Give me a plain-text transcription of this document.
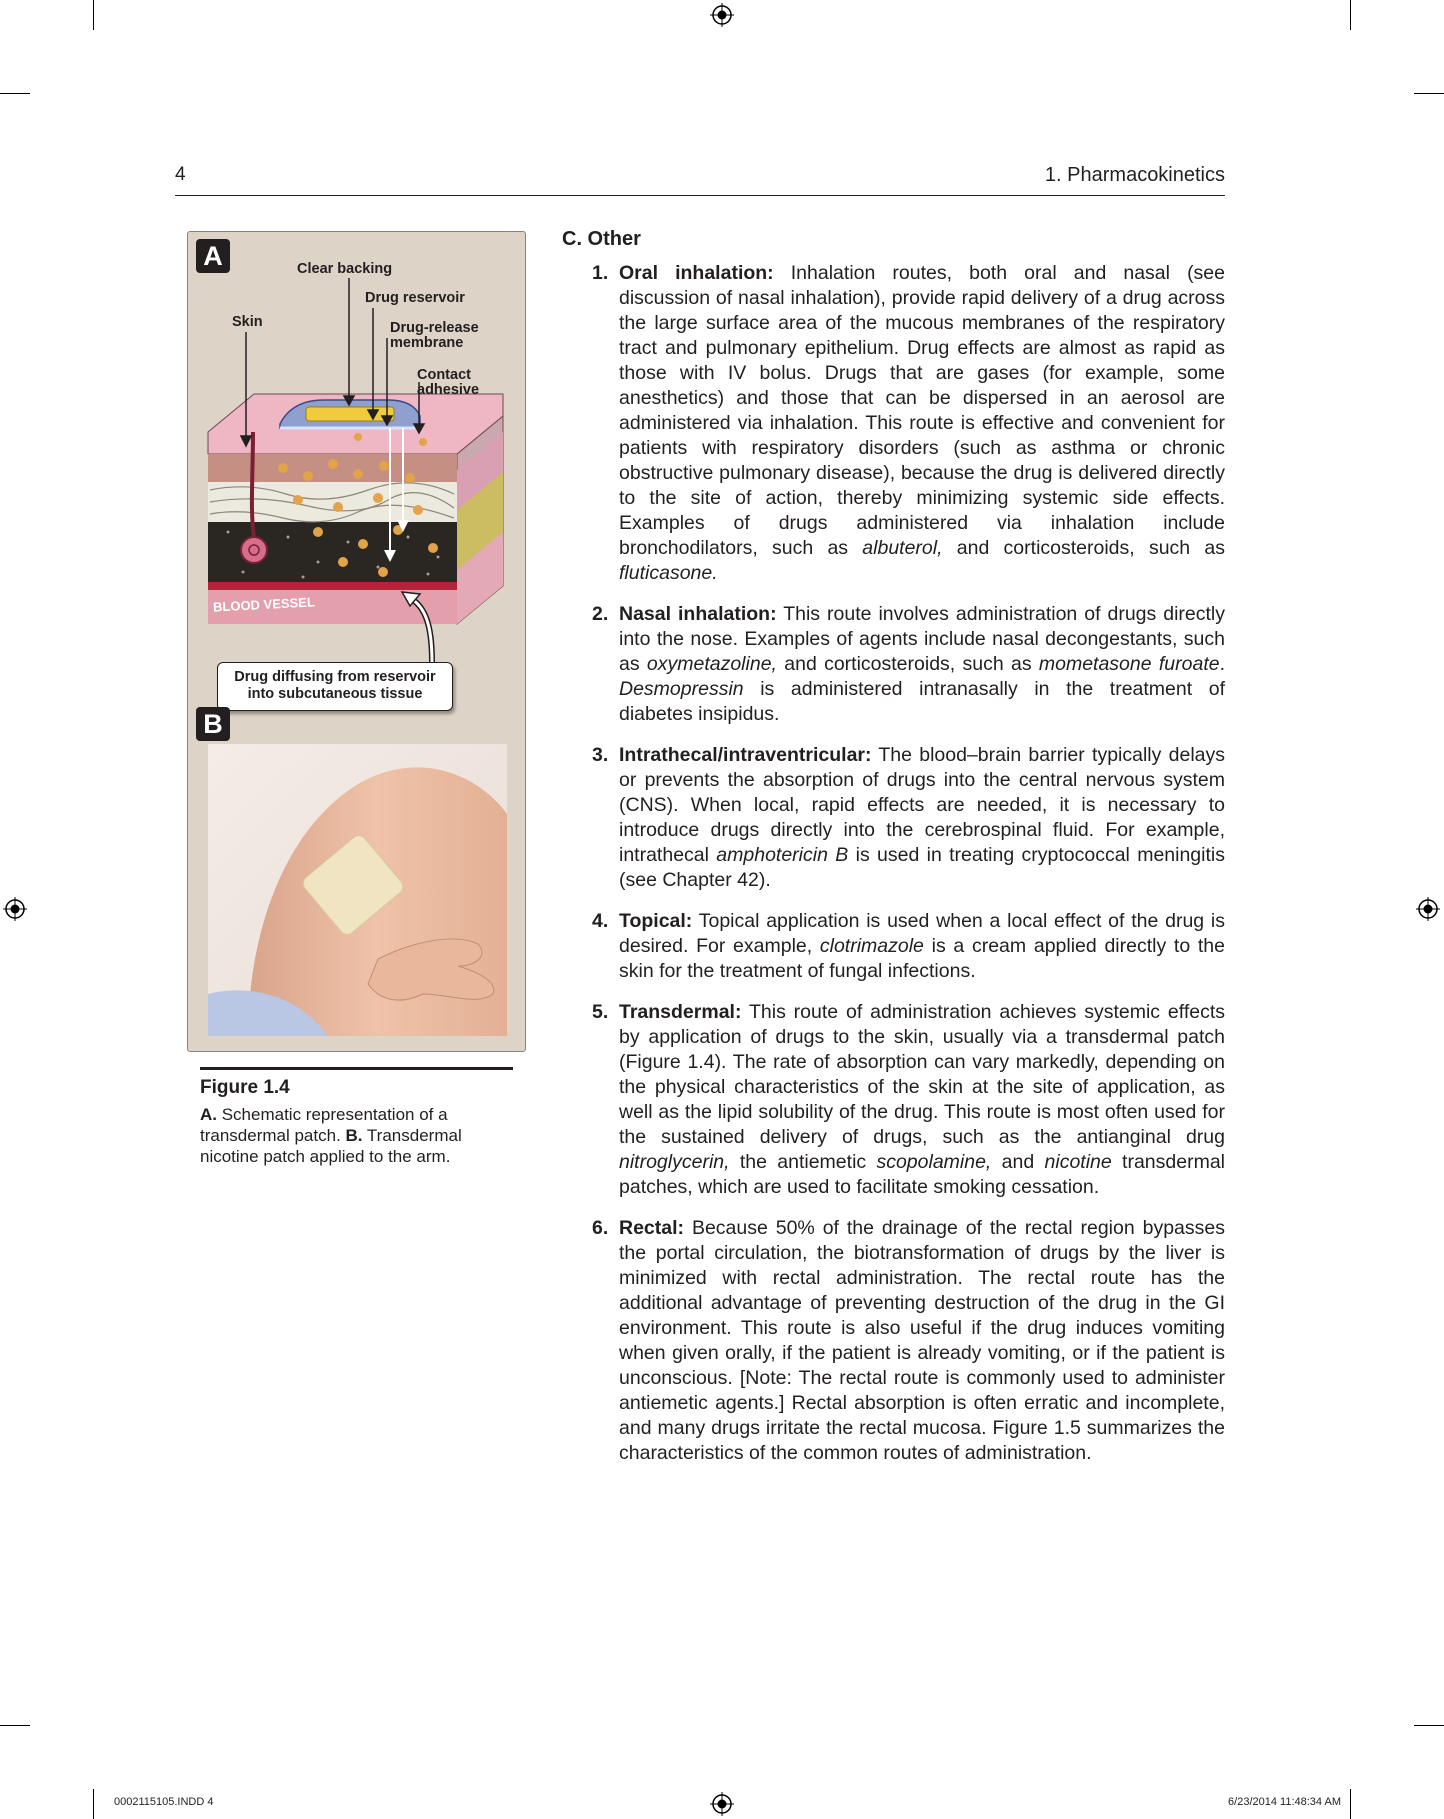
4	1. Pharmacokinetics
A	Clear backing
Drug reservoir
Skin	Drug-release
membrane
Contact
adhesive
BLOOD VESSEL
Drug diffusing from reservoir
into subcutaneous tissue
B
Figure 1.4
A. Schematic representation of a transdermal patch. B. Transdermal nicotine patch applied to the arm.
C. Other
1. Oral inhalation: Inhalation routes, both oral and nasal (see discussion of nasal inhalation), provide rapid delivery of a drug across the large surface area of the mucous membranes of the respiratory tract and pulmonary epithelium. Drug effects are almost as rapid as those with IV bolus. Drugs that are gases (for example, some anesthetics) and those that can be dispersed in an aerosol are administered via inhalation. This route is effective and convenient for patients with respiratory disorders (such as asthma or chronic obstructive pulmonary disease), because the drug is delivered directly to the site of action, thereby minimizing systemic side effects. Examples of drugs administered via inhalation include bronchodilators, such as albuterol, and corticosteroids, such as fluticasone.
2. Nasal inhalation: This route involves administration of drugs directly into the nose. Examples of agents include nasal decongestants, such as oxymetazoline, and corticosteroids, such as mometasone furoate. Desmopressin is administered intranasally in the treatment of diabetes insipidus.
3. Intrathecal/intraventricular: The blood–brain barrier typically delays or prevents the absorption of drugs into the central nervous system (CNS). When local, rapid effects are needed, it is necessary to introduce drugs directly into the cerebrospinal fluid. For example, intrathecal amphotericin B is used in treating cryptococcal meningitis (see Chapter 42).
4. Topical: Topical application is used when a local effect of the drug is desired. For example, clotrimazole is a cream applied directly to the skin for the treatment of fungal infections.
5. Transdermal: This route of administration achieves systemic effects by application of drugs to the skin, usually via a transdermal patch (Figure 1.4). The rate of absorption can vary markedly, depending on the physical characteristics of the skin at the site of application, as well as the lipid solubility of the drug. This route is most often used for the sustained delivery of drugs, such as the antianginal drug nitroglycerin, the antiemetic scopolamine, and nicotine transdermal patches, which are used to facilitate smoking cessation.
6. Rectal: Because 50% of the drainage of the rectal region bypasses the portal circulation, the biotransformation of drugs by the liver is minimized with rectal administration. The rectal route has the additional advantage of preventing destruction of the drug in the GI environment. This route is also useful if the drug induces vomiting when given orally, if the patient is already vomiting, or if the patient is unconscious. [Note: The rectal route is commonly used to administer antiemetic agents.] Rectal absorption is often erratic and incomplete, and many drugs irritate the rectal mucosa. Figure 1.5 summarizes the characteristics of the common routes of administration.
0002115105.INDD 4	6/23/2014 11:48:34 AM
